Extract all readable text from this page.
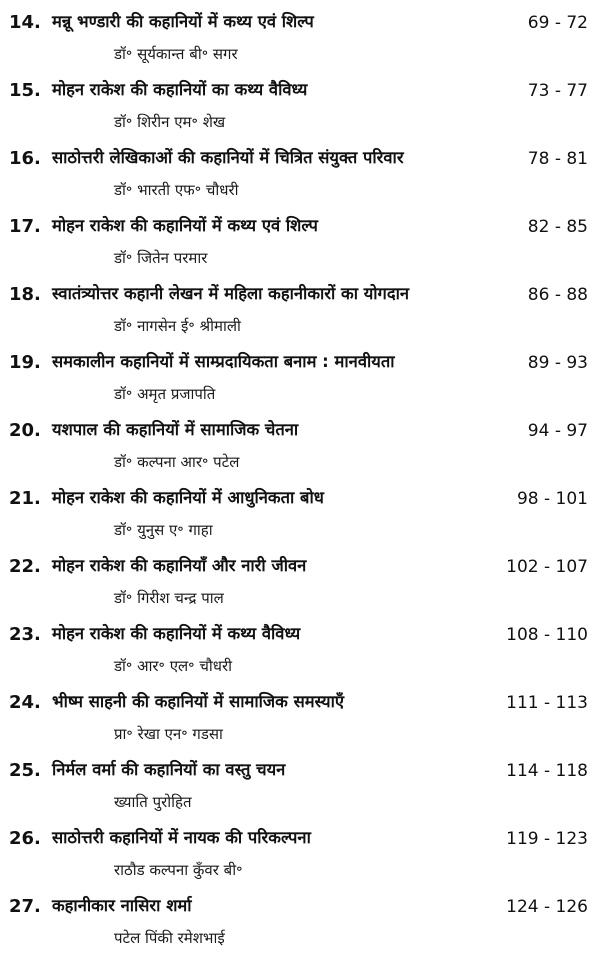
14. मन्नू भण्डारी की कहानियों में कथ्य एवं शिल्प	69 - 72
डॉ॰ सूर्यकान्त बी॰ सगर
15. मोहन राकेश की कहानियों का कथ्य वैविध्य	73 - 77
डॉ॰ शिरीन एम॰ शेख
16. साठोत्तरी लेखिकाओं की कहानियों में चित्रित संयुक्त परिवार	78 - 81
डॉ॰ भारती एफ॰ चौधरी
17. मोहन राकेश की कहानियों में कथ्य एवं शिल्प	82 - 85
डॉ॰ जितेन परमार
18. स्वातंत्र्योत्तर कहानी लेखन में महिला कहानीकारों का योगदान	86 - 88
डॉ॰ नागसेन ई॰ श्रीमाली
19. समकालीन कहानियों में साम्प्रदायिकता बनाम : मानवीयता	89 - 93
डॉ॰ अमृत प्रजापति
20. यशपाल की कहानियों में सामाजिक चेतना	94 - 97
डॉ॰ कल्पना आर॰ पटेल
21. मोहन राकेश की कहानियों में आधुनिकता बोध	98 - 101
डॉ॰ युनुस ए॰ गाहा
22. मोहन राकेश की कहानियाँ और नारी जीवन	102 - 107
डॉ॰ गिरीश चन्द्र पाल
23. मोहन राकेश की कहानियों में कथ्य वैविध्य	108 - 110
डॉ॰ आर॰ एल॰ चौधरी
24. भीष्म साहनी की कहानियों में सामाजिक समस्याएँ	111 - 113
प्रा॰ रेखा एन॰ गडसा
25. निर्मल वर्मा की कहानियों का वस्तु चयन	114 - 118
ख्याति पुरोहित
26. साठोत्तरी कहानियों में नायक की परिकल्पना	119 - 123
राठौड कल्पना कुँवर बी॰
27. कहानीकार नासिरा शर्मा	124 - 126
पटेल पिंकी रमेशभाई
